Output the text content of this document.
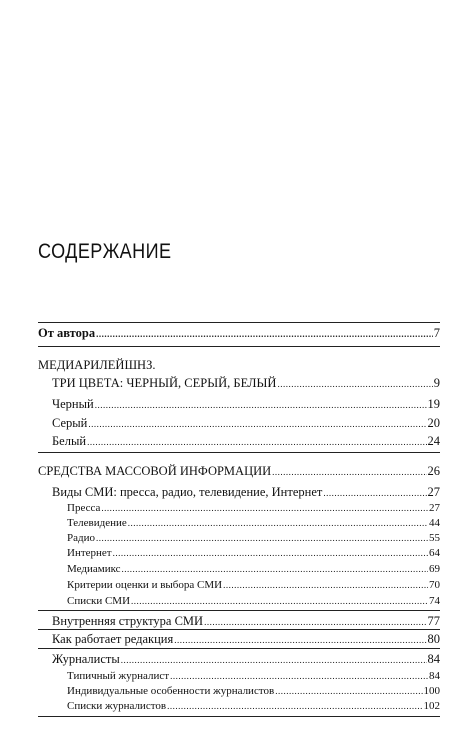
СОДЕРЖАНИЕ
От автора .....	7
МЕДИАРИЛЕЙШНЗ.
ТРИ ЦВЕТА: ЧЕРНЫЙ, СЕРЫЙ, БЕЛЫЙ .....	9
Черный .....	19
Серый .....	20
Белый .....	24
СРЕДСТВА МАССОВОЙ ИНФОРМАЦИИ .....	26
Виды СМИ: пресса, радио, телевидение, Интернет .....	27
Пресса .....	27
Телевидение .....	44
Радио .....	55
Интернет .....	64
Медиамикс .....	69
Критерии оценки и выбора СМИ .....	70
Списки СМИ .....	74
Внутренняя структура СМИ .....	77
Как работает редакция .....	80
Журналисты .....	84
Типичный журналист .....	84
Индивидуальные особенности журналистов .....	100
Списки журналистов .....	102
